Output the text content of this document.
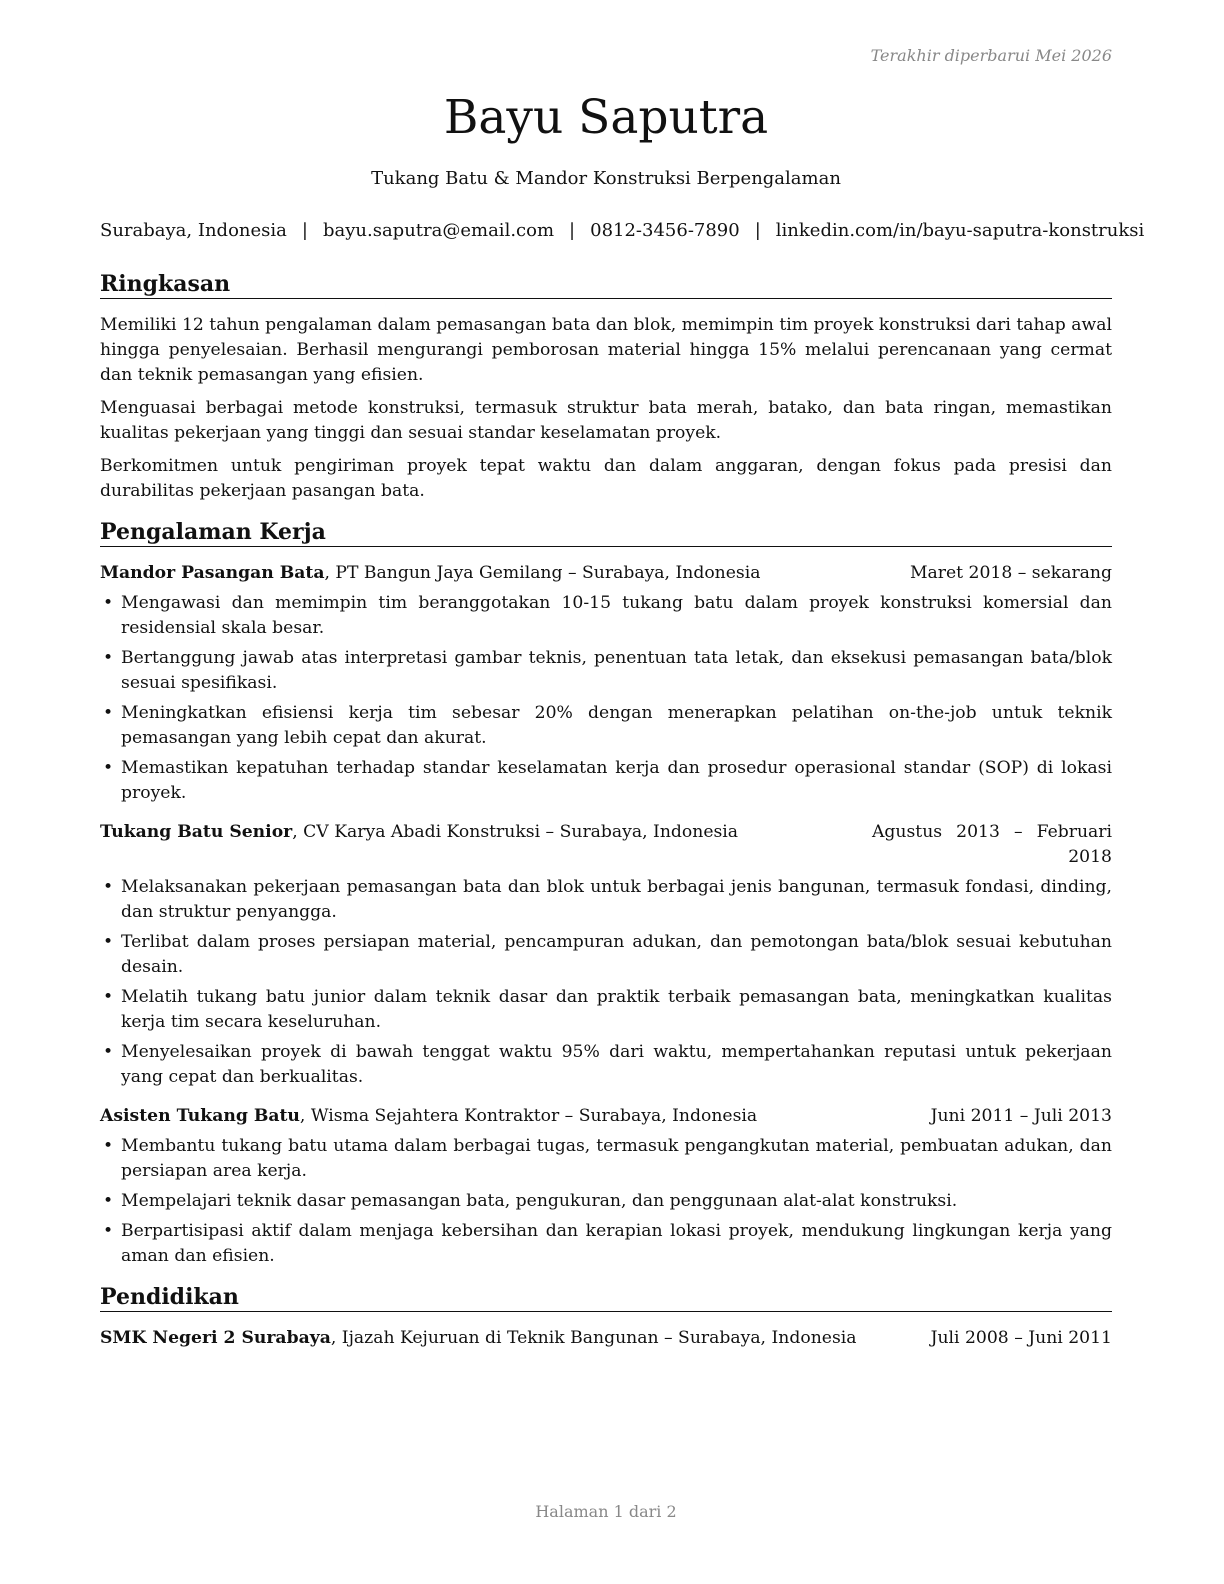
Terakhir diperbarui Mei 2026
Bayu Saputra
Tukang Batu & Mandor Konstruksi Berpengalaman
Surabaya, Indonesia | bayu.saputra@email.com | 0812-3456-7890 | linkedin.com/in/bayu-saputra-konstruksi
Ringkasan

Memiliki 12 tahun pengalaman dalam pemasangan bata dan blok, memimpin tim proyek konstruksi dari tahap awal hingga penyelesaian. Berhasil mengurangi pemborosan material hingga 15% melalui perencanaan yang cermat dan teknik pemasangan yang efisien.

Menguasai berbagai metode konstruksi, termasuk struktur bata merah, batako, dan bata ringan, memastikan kualitas pekerjaan yang tinggi dan sesuai standar keselamatan proyek.

Berkomitmen untuk pengiriman proyek tepat waktu dan dalam anggaran, dengan fokus pada presisi dan durabilitas pekerjaan pasangan bata.

Pengalaman Kerja
Mandor Pasangan Bata, PT Bangun Jaya Gemilang – Surabaya, Indonesia	Maret 2018 – sekarang
• Mengawasi dan memimpin tim beranggotakan 10-15 tukang batu dalam proyek konstruksi komersial dan residensial skala besar.
• Bertanggung jawab atas interpretasi gambar teknis, penentuan tata letak, dan eksekusi pemasangan bata/blok sesuai spesifikasi.
• Meningkatkan efisiensi kerja tim sebesar 20% dengan menerapkan pelatihan on-the-job untuk teknik pemasangan yang lebih cepat dan akurat.
• Memastikan kepatuhan terhadap standar keselamatan kerja dan prosedur operasional standar (SOP) di lokasi proyek.
Tukang Batu Senior, CV Karya Abadi Konstruksi – Surabaya, Indonesia	Agustus 2013 – Februari 2018
• Melaksanakan pekerjaan pemasangan bata dan blok untuk berbagai jenis bangunan, termasuk fondasi, dinding, dan struktur penyangga.
• Terlibat dalam proses persiapan material, pencampuran adukan, dan pemotongan bata/blok sesuai kebutuhan desain.
• Melatih tukang batu junior dalam teknik dasar dan praktik terbaik pemasangan bata, meningkatkan kualitas kerja tim secara keseluruhan.
• Menyelesaikan proyek di bawah tenggat waktu 95% dari waktu, mempertahankan reputasi untuk pekerjaan yang cepat dan berkualitas.
Asisten Tukang Batu, Wisma Sejahtera Kontraktor – Surabaya, Indonesia	Juni 2011 – Juli 2013
• Membantu tukang batu utama dalam berbagai tugas, termasuk pengangkutan material, pembuatan adukan, dan persiapan area kerja.
• Mempelajari teknik dasar pemasangan bata, pengukuran, dan penggunaan alat-alat konstruksi.
• Berpartisipasi aktif dalam menjaga kebersihan dan kerapian lokasi proyek, mendukung lingkungan kerja yang aman dan efisien.
Pendidikan
SMK Negeri 2 Surabaya, Ijazah Kejuruan di Teknik Bangunan – Surabaya, Indonesia	Juli 2008 – Juni 2011
Halaman 1 dari 2
